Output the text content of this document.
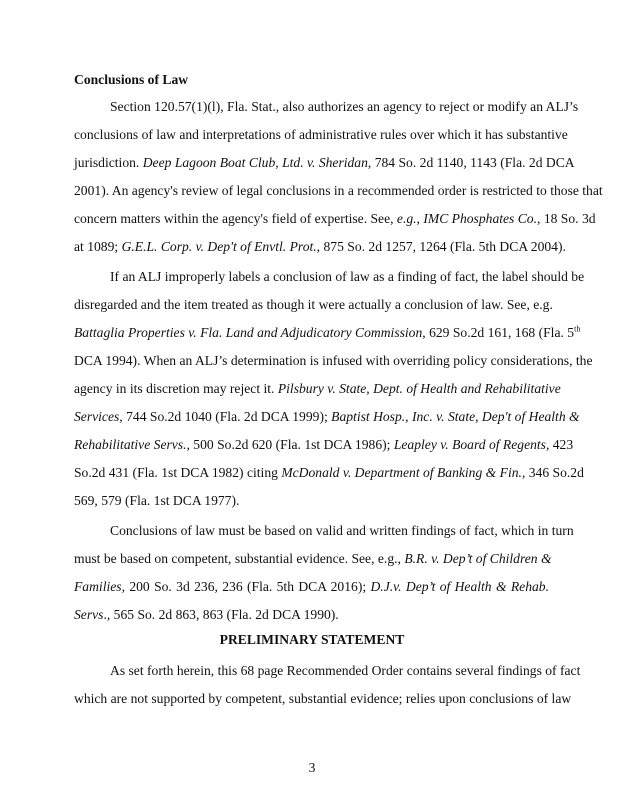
Conclusions of Law
Section 120.57(1)(l), Fla. Stat., also authorizes an agency to reject or modify an ALJ’s
conclusions of law and interpretations of administrative rules over which it has substantive
jurisdiction. Deep Lagoon Boat Club, Ltd. v. Sheridan, 784 So. 2d 1140, 1143 (Fla. 2d DCA
2001). An agency's review of legal conclusions in a recommended order is restricted to those that
concern matters within the agency's field of expertise. See, e.g., IMC Phosphates Co., 18 So. 3d
at 1089; G.E.L. Corp. v. Dep't of Envtl. Prot., 875 So. 2d 1257, 1264 (Fla. 5th DCA 2004).
If an ALJ improperly labels a conclusion of law as a finding of fact, the label should be
disregarded and the item treated as though it were actually a conclusion of law. See, e.g.
Battaglia Properties v. Fla. Land and Adjudicatory Commission, 629 So.2d 161, 168 (Fla. 5th
DCA 1994). When an ALJ’s determination is infused with overriding policy considerations, the
agency in its discretion may reject it. Pilsbury v. State, Dept. of Health and Rehabilitative
Services, 744 So.2d 1040 (Fla. 2d DCA 1999); Baptist Hosp., Inc. v. State, Dep't of Health &
Rehabilitative Servs., 500 So.2d 620 (Fla. 1st DCA 1986); Leapley v. Board of Regents, 423
So.2d 431 (Fla. 1st DCA 1982) citing McDonald v. Department of Banking & Fin., 346 So.2d
569, 579 (Fla. 1st DCA 1977).
Conclusions of law must be based on valid and written findings of fact, which in turn
must be based on competent, substantial evidence. See, e.g., B.R. v. Dep’t of Children &
Families, 200 So. 3d 236, 236 (Fla. 5th DCA 2016); D.J.v. Dep’t of Health & Rehab.
Servs., 565 So. 2d 863, 863 (Fla. 2d DCA 1990).
PRELIMINARY STATEMENT
As set forth herein, this 68 page Recommended Order contains several findings of fact
which are not supported by competent, substantial evidence; relies upon conclusions of law
3
